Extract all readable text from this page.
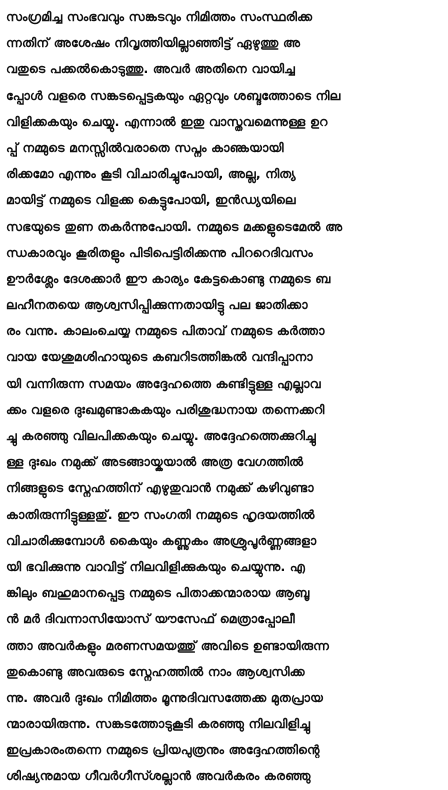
സംഗ്രമിച്ച സംഭവവും സങ്കടവും നിമിത്തം സംസ്ഥരിക്ക
ന്നതിന് അശേഷം നിവൃത്തിയില്ലാഞ്ഞിട്ട് ഏഴുത്തു അ
വതുടെ പക്കൽകൊടുത്തു. അവർ അതിനെ വായിച്ച
പ്പോൾ വളരെ സങ്കടപ്പെട്ടകയും ഏറ്റവും ശബ്ദത്തോടെ നില
വിളിക്കകയും ചെയ്യു. എന്നാൽ ഇതു വാസ്തവമെന്നുള്ള ഉറ
പ്പ് നമ്മുടെ മനസ്സിൽവരാതെ സപ്നം കാണ്കയായി
രിക്കമോ എന്നും കൂടി വിചാരിച്ചുപോയി, അല്ല, നിത്യ
മായിട്ട് നമ്മുടെ വിളക്ക കെട്ടുപോയി, ഇൻഡ്യയിലെ
സഭയുടെ തുണ തകർന്നുപോയി. നമ്മുടെ മക്കളുടെമേൽ അ
ന്ധകാരവും കൂരിതളും പിടിപെട്ടിരിക്കന്നു പിററെദിവസം
ഊർശ്ലേം ദേശക്കാർ ഈ കാര്യം കേട്ടകൊണ്ടു നമ്മുടെ ബ
ലഹീനതയെ ആശ്വസിപ്പിക്കുന്നതായിട്ടു പല ജാതിക്കാ
രം വന്നു. കാലംചെയ്യ നമ്മുടെ പിതാവ് നമ്മുടെ കർത്താ
വായ യേശുമശിഹായുടെ കബറിടത്തിങ്കൽ വന്ദിപ്പാനാ
യി വന്നിരുന്ന സമയം അദ്ദേഹത്തെ കണ്ടിട്ടുള്ള എല്ലാവ
ക്കം വളരെ ദുഃഖമുണ്ടാകകയും പരിശുദ്ധനായ തന്നെക്കറി
ച്ചു കരഞ്ഞു വിലപിക്കകയും ചെയ്യു. അദ്ദേഹത്തെക്കുറിച്ചു
ള്ള ദുഃഖം നമുക്ക് അടങ്ങായ്കയാൽ അത്ര വേഗത്തിൽ
നിങ്ങളുടെ സ്നേഹത്തിന് എഴുതുവാൻ നമുക്ക് കഴിവുണ്ടാ
കാതിരുന്നിട്ടുള്ളതു്. ഈ സംഗതി നമ്മുടെ ഹൃദയത്തിൽ
വിചാരിക്കുമ്പോൾ കൈയും കണ്ണുകം അശ്രുപൂർണ്ണങ്ങളാ
യി ഭവിക്കുന്നു വാവിട്ട് നിലവിളിക്കുകയും ചെയ്യുന്നു. എ
ങ്കിലും ബഹുമാനപ്പെട്ട നമ്മുടെ പിതാക്കന്മാരായ ആബൂ
ൻ മർ ദിവന്നാസിയോസ് യൗസേഫ് മെത്രാപ്പോലീ
ത്താ അവർകളും മരണസമയത്തു് അവിടെ ഉണ്ടായിരുന്ന
തുകൊണ്ടു അവരുടെ സ്നേഹത്തിൽ നാം ആശ്വസിക്ക
ന്നു. അവർ ദുഃഖം നിമിത്തം മൂന്നുദിവസത്തേക്ക മുതപ്രായ
ന്മാരായിരുന്നു. സങ്കടത്തോടുകൂടി കരഞ്ഞു നിലവിളിച്ചു
ഇപ്രകാരംതന്നെ നമ്മുടെ പ്രിയപുത്രനും അദ്ദേഹത്തിന്റെ
ശിഷ്യനുമായ ഗീവർഗീസ്ശല്ലാൻ അവർകരം കരഞ്ഞു
